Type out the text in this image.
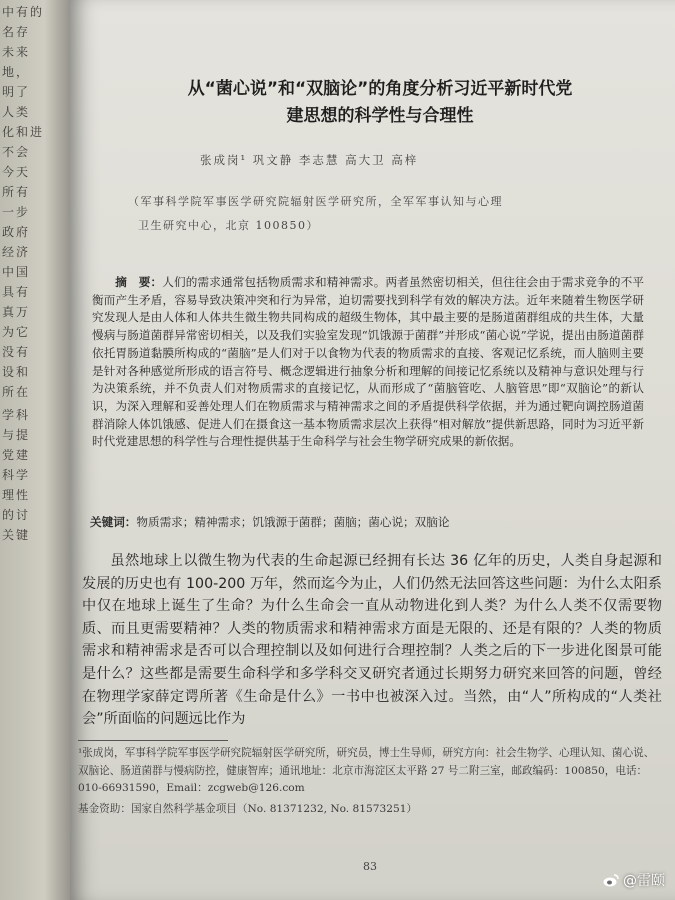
中有的
名存
未来
地，
明了
人类
化和进
不会
今天
所有
一步
政府
经济
中国
具有
真万
为它
没有
设和
所在
学科
与提
党建
科学
理性
的讨
关键
从“菌心说”和“双脑论”的角度分析习近平新时代党
建思想的科学性与合理性
张成岗¹ 巩文静 李志慧 高大卫 高梓
（军事科学院军事医学研究院辐射医学研究所，全军军事认知与心理
卫生研究中心，北京 100850）
摘　要：人们的需求通常包括物质需求和精神需求。两者虽然密切相关，但往往会由于需求竞争的不平衡而产生矛盾，容易导致决策冲突和行为异常，迫切需要找到科学有效的解决方法。近年来随着生物医学研究发现人是由人体和人体共生微生物共同构成的超级生物体，其中最主要的是肠道菌群组成的共生体，大量慢病与肠道菌群异常密切相关，以及我们实验室发现“饥饿源于菌群”并形成“菌心说”学说，提出由肠道菌群依托胃肠道黏膜所构成的“菌脑”是人们对于以食物为代表的物质需求的直接、客观记忆系统，而人脑则主要是针对各种感觉所形成的语言符号、概念逻辑进行抽象分析和理解的间接记忆系统以及精神与意识处理与行为决策系统，并不负责人们对物质需求的直接记忆，从而形成了“菌脑管吃、人脑管思”即“双脑论”的新认识，为深入理解和妥善处理人们在物质需求与精神需求之间的矛盾提供科学依据，并为通过靶向调控肠道菌群消除人体饥饿感、促进人们在摄食这一基本物质需求层次上获得“相对解放”提供新思路，同时为习近平新时代党建思想的科学性与合理性提供基于生命科学与社会生物学研究成果的新依据。
关键词：物质需求；精神需求；饥饿源于菌群；菌脑；菌心说；双脑论
虽然地球上以微生物为代表的生命起源已经拥有长达 36 亿年的历史，人类自身起源和发展的历史也有 100-200 万年，然而迄今为止，人们仍然无法回答这些问题：为什么太阳系中仅在地球上诞生了生命？为什么生命会一直从动物进化到人类？为什么人类不仅需要物质、而且更需要精神？人类的物质需求和精神需求方面是无限的、还是有限的？人类的物质需求和精神需求是否可以合理控制以及如何进行合理控制？人类之后的下一步进化图景可能是什么？这些都是需要生命科学和多学科交叉研究者通过长期努力研究来回答的问题，曾经在物理学家薛定谔所著《生命是什么》一书中也被深入过。当然，由“人”所构成的“人类社会”所面临的问题远比作为
¹张成岗，军事科学院军事医学研究院辐射医学研究所，研究员，博士生导师，研究方向：社会生物学、心理认知、菌心说、双脑论、肠道菌群与慢病防控，健康智库；通讯地址：北京市海淀区太平路 27 号二附三室，邮政编码：100850，电话：010-66931590，Email：zcgweb@126.com
基金资助：国家自然科学基金项目（No. 81371232, No. 81573251）
83
@雷颐
